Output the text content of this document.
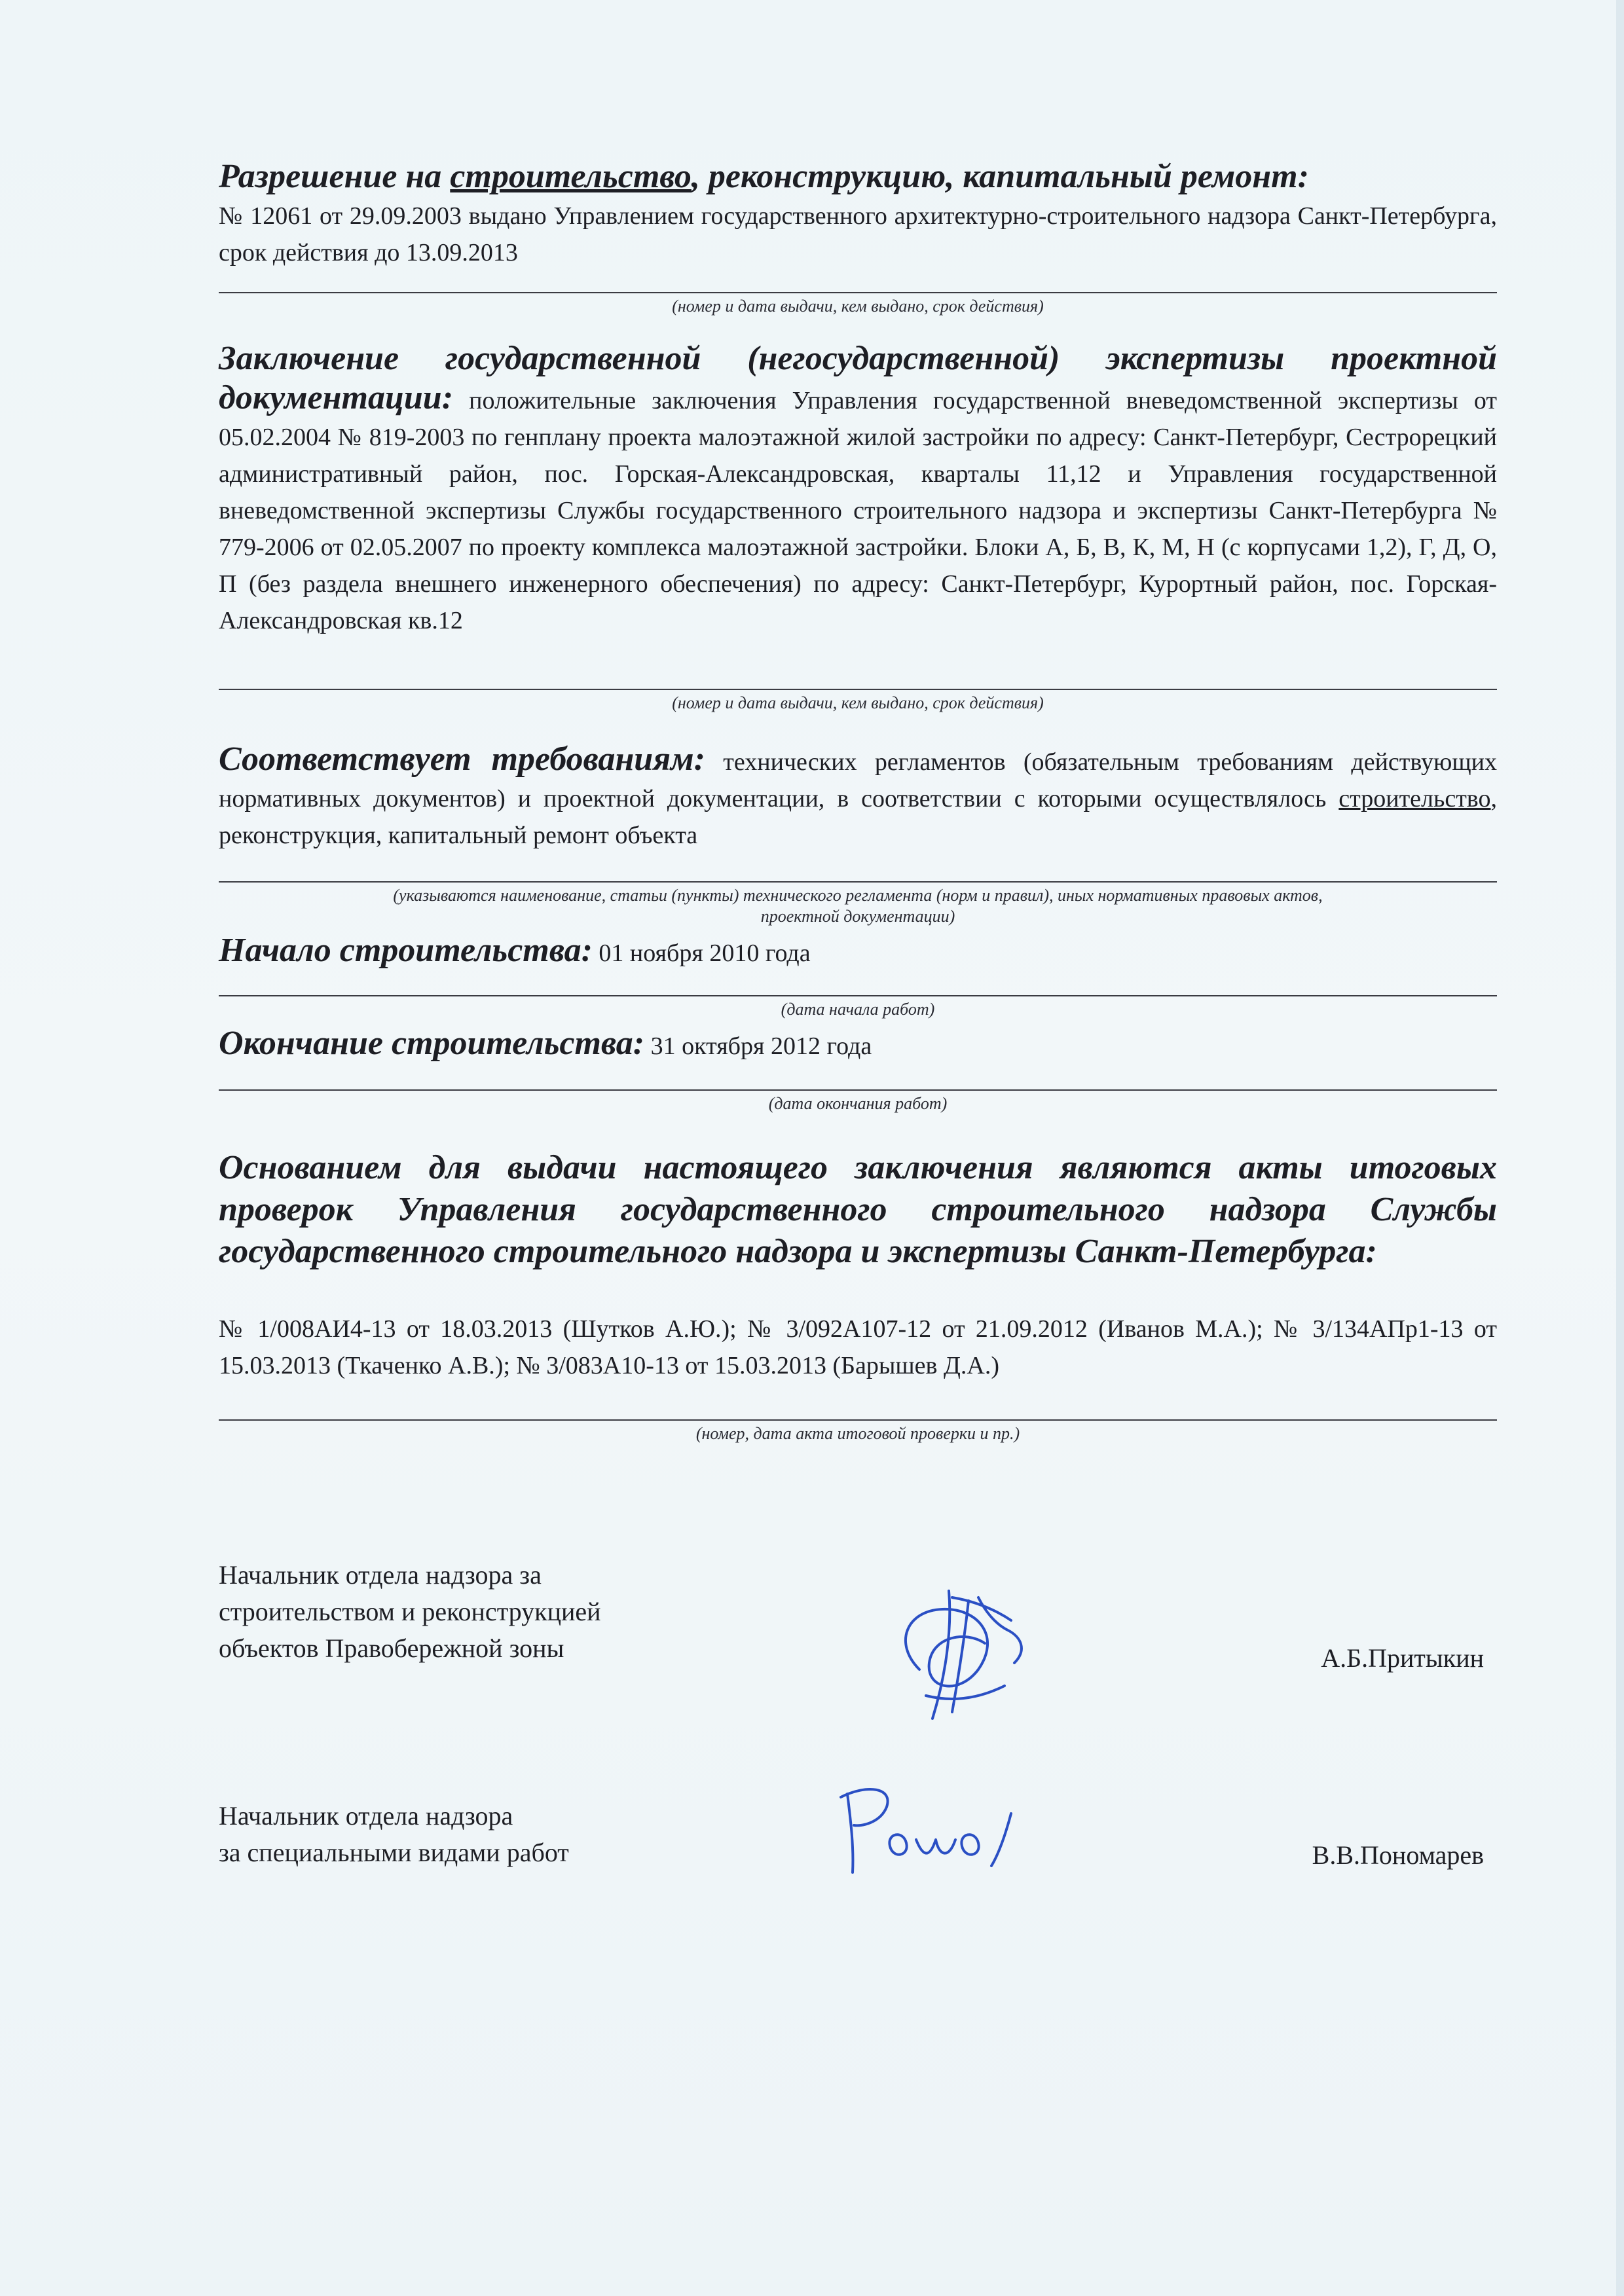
Разрешение на строительство, реконструкцию, капитальный ремонт:
№ 12061 от 29.09.2003 выдано Управлением государственного архитектурно-строительного надзора Санкт-Петербурга, срок действия до 13.09.2013
(номер и дата выдачи, кем выдано, срок действия)
Заключение государственной (негосударственной) экспертизы проектной документации: положительные заключения Управления государственной вневедомственной экспертизы от 05.02.2004 № 819-2003 по генплану проекта малоэтажной жилой застройки по адресу: Санкт-Петербург, Сестрорецкий административный район, пос. Горская-Александровская, кварталы 11,12 и Управления государственной вневедомственной экспертизы Службы государственного строительного надзора и экспертизы Санкт-Петербурга № 779-2006 от 02.05.2007 по проекту комплекса малоэтажной застройки. Блоки А, Б, В, К, М, Н (с корпусами 1,2), Г, Д, О, П (без раздела внешнего инженерного обеспечения) по адресу: Санкт-Петербург, Курортный район, пос. Горская-Александровская кв.12
(номер и дата выдачи, кем выдано, срок действия)
Соответствует требованиям: технических регламентов (обязательным требованиям действующих нормативных документов) и проектной документации, в соответствии с которыми осуществлялось строительство, реконструкция, капитальный ремонт объекта
(указываются наименование, статьи (пункты) технического регламента (норм и правил), иных нормативных правовых актов,
проектной документации)
Начало строительства: 01 ноября 2010 года
(дата начала работ)
Окончание строительства: 31 октября 2012 года
(дата окончания работ)
Основанием для выдачи настоящего заключения являются акты итоговых проверок Управления государственного строительного надзора Службы государственного строительного надзора и экспертизы Санкт-Петербурга:
№ 1/008АИ4-13 от 18.03.2013 (Шутков А.Ю.); № 3/092А107-12 от 21.09.2012 (Иванов М.А.); № 3/134АПр1-13 от 15.03.2013 (Ткаченко А.В.); № 3/083А10-13 от 15.03.2013 (Барышев Д.А.)
(номер, дата акта итоговой проверки и пр.)
Начальник отдела надзора за
строительством и реконструкцией
объектов Правобережной зоны	А.Б.Притыкин
Начальник отдела надзора
за специальными видами работ	В.В.Пономарев
